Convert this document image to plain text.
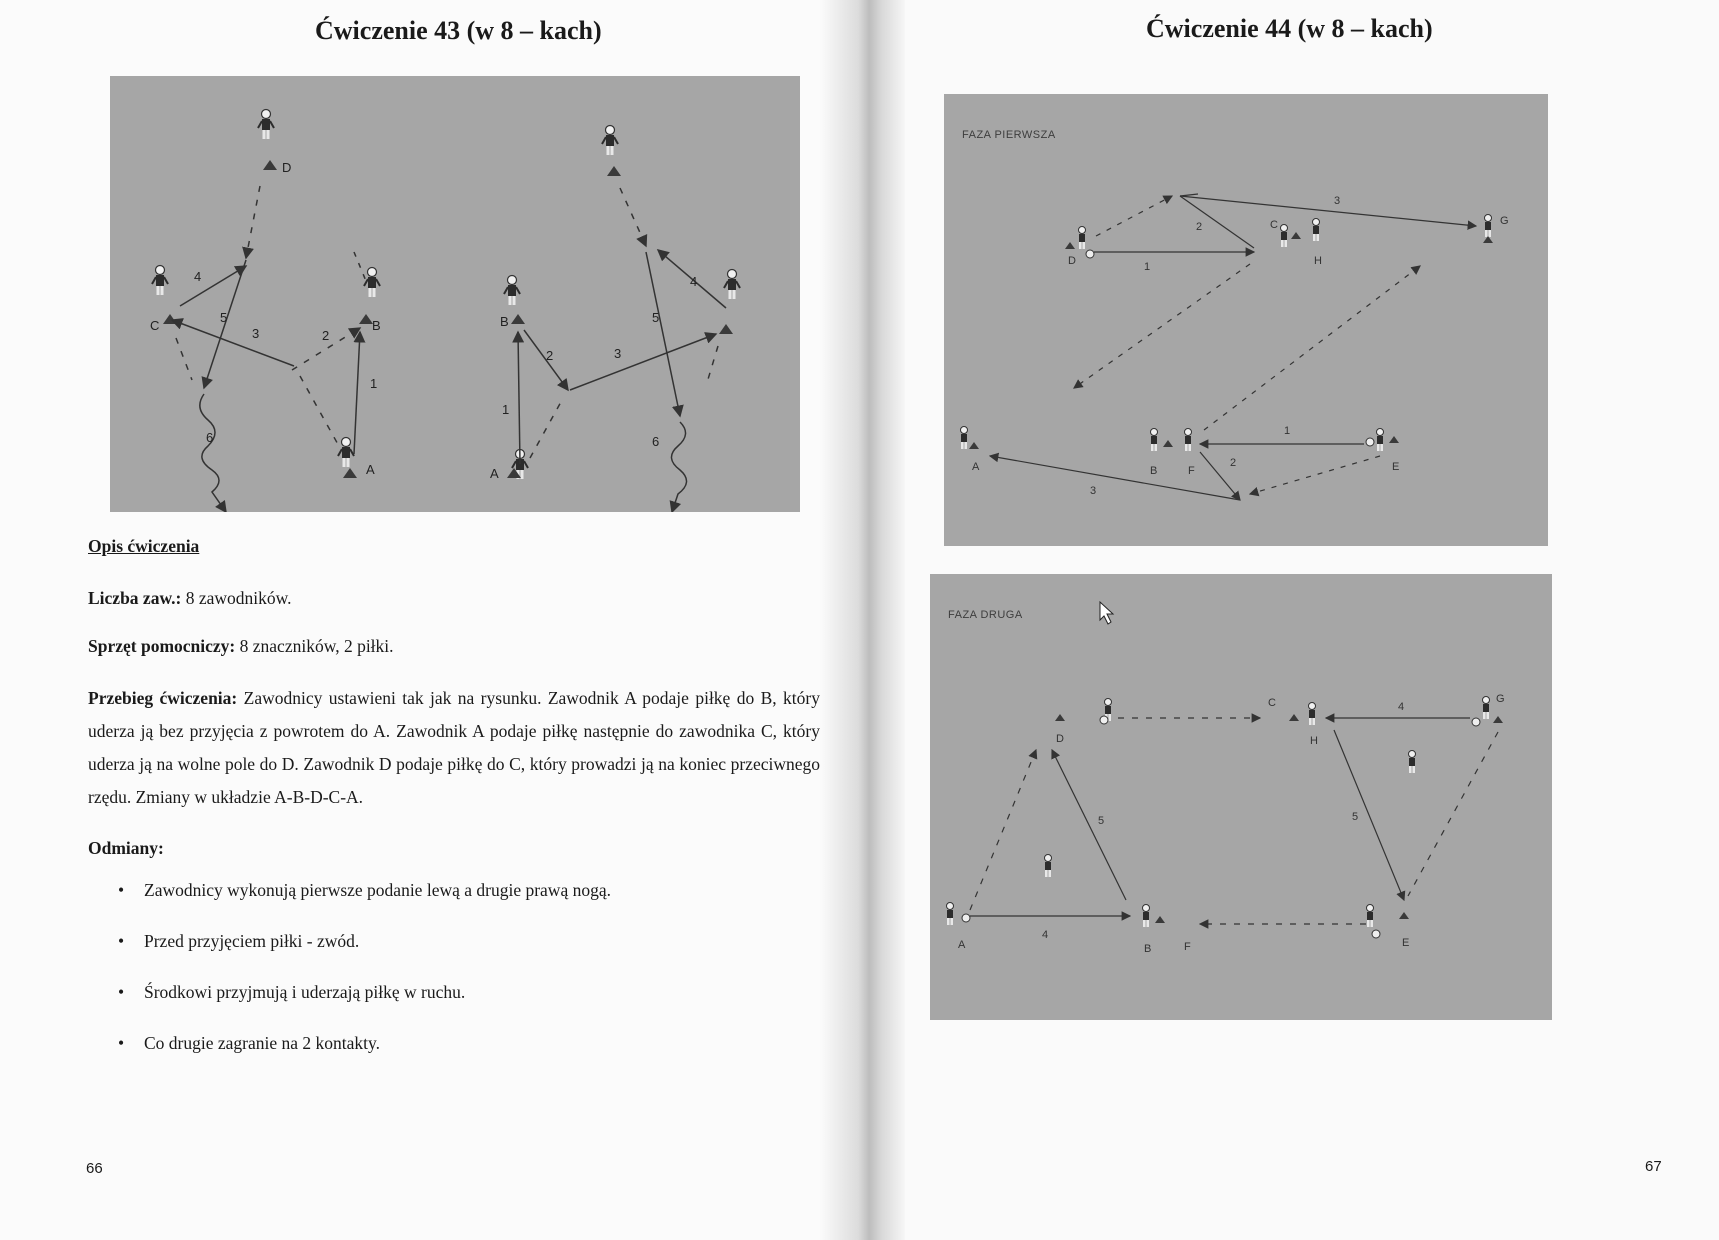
Ćwiczenie 43 (w 8 – kach)
D
C	B
A
4
5
3	2
1
6
B
A
1
2	3
5
4
6
Opis ćwiczenia
Liczba zaw.: 8 zawodników.
Sprzęt pomocniczy: 8 znaczników, 2 piłki.
Przebieg ćwiczenia: Zawodnicy ustawieni tak jak na rysunku. Zawodnik A podaje piłkę do B, który uderza ją bez przyjęcia z powrotem do A. Zawodnik A podaje piłkę następnie do zawodnika C, który uderza ją na wolne pole do D. Zawodnik D podaje piłkę do C, który prowadzi ją na koniec przeciwnego rzędu. Zmiany w układzie A-B-D-C-A.
Odmiany:
• Zawodnicy wykonują pierwsze podanie lewą a drugie prawą nogą.
• Przed przyjęciem piłki - zwód.
• Środkowi przyjmują i uderzają piłkę w ruchu.
• Co drugie zagranie na 2 kontakty.
66
Ćwiczenie 44 (w 8 – kach)
FAZA PIERWSZA
D
C
H
G
A	B	F	E
1
2
3
1
2
3
FAZA DRUGA
D
C
H
G
A	B	F	E
4
5	5
4
67
